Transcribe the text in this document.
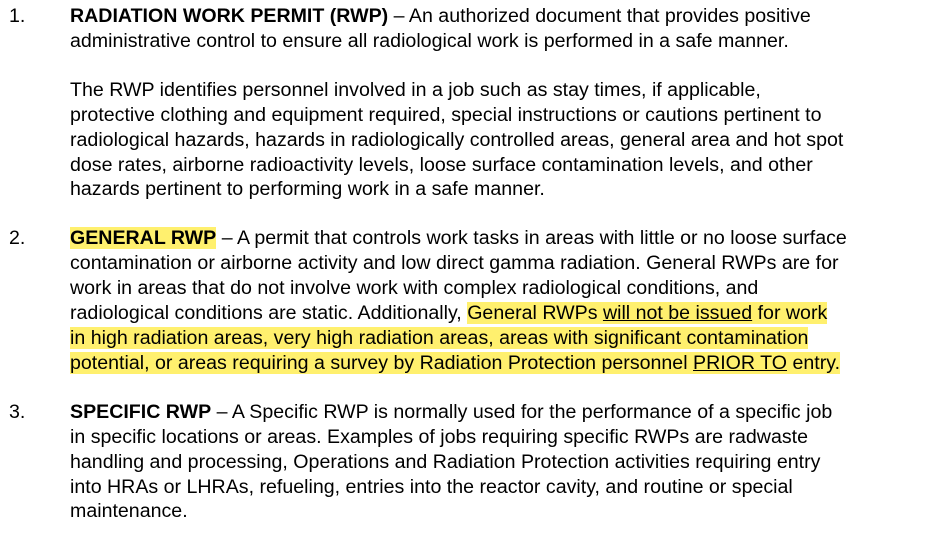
1. RADIATION WORK PERMIT (RWP) – An authorized document that provides positive
administrative control to ensure all radiological work is performed in a safe manner.

The RWP identifies personnel involved in a job such as stay times, if applicable,
protective clothing and equipment required, special instructions or cautions pertinent to
radiological hazards, hazards in radiologically controlled areas, general area and hot spot
dose rates, airborne radioactivity levels, loose surface contamination levels, and other
hazards pertinent to performing work in a safe manner.

2. GENERAL RWP – A permit that controls work tasks in areas with little or no loose surface
contamination or airborne activity and low direct gamma radiation. General RWPs are for
work in areas that do not involve work with complex radiological conditions, and
radiological conditions are static. Additionally, General RWPs will not be issued for work
in high radiation areas, very high radiation areas, areas with significant contamination
potential, or areas requiring a survey by Radiation Protection personnel PRIOR TO entry.

3. SPECIFIC RWP – A Specific RWP is normally used for the performance of a specific job
in specific locations or areas. Examples of jobs requiring specific RWPs are radwaste
handling and processing, Operations and Radiation Protection activities requiring entry
into HRAs or LHRAs, refueling, entries into the reactor cavity, and routine or special
maintenance.
